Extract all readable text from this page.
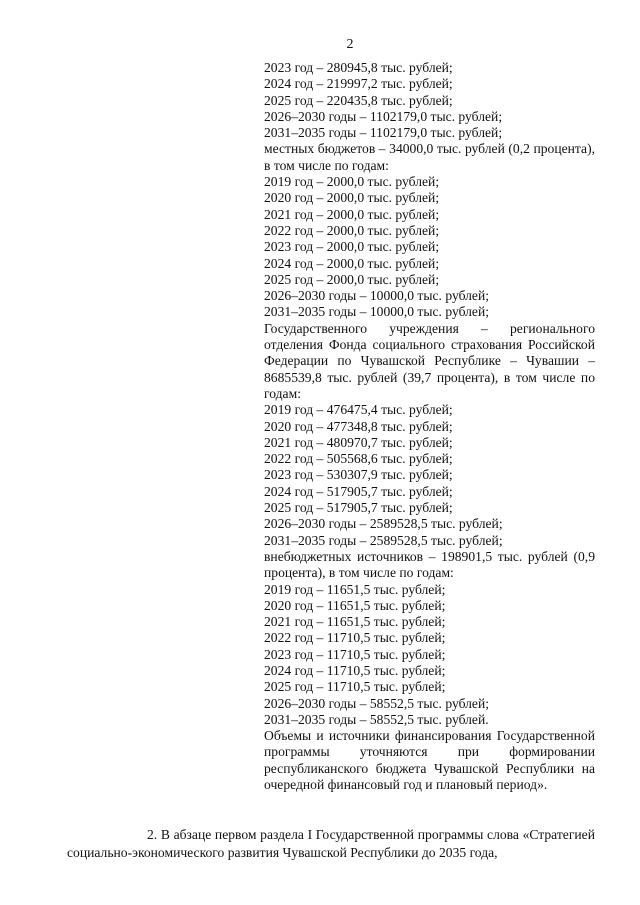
2
2023 год – 280945,8 тыс. рублей;
2024 год – 219997,2 тыс. рублей;
2025 год – 220435,8 тыс. рублей;
2026–2030 годы – 1102179,0 тыс. рублей;
2031–2035 годы – 1102179,0 тыс. рублей;
местных бюджетов – 34000,0 тыс. рублей (0,2 процента), в том числе по годам:
2019 год – 2000,0 тыс. рублей;
2020 год – 2000,0 тыс. рублей;
2021 год – 2000,0 тыс. рублей;
2022 год – 2000,0 тыс. рублей;
2023 год – 2000,0 тыс. рублей;
2024 год – 2000,0 тыс. рублей;
2025 год – 2000,0 тыс. рублей;
2026–2030 годы – 10000,0 тыс. рублей;
2031–2035 годы – 10000,0 тыс. рублей;
Государственного учреждения – регионального отделения Фонда социального страхования Российской Федерации по Чувашской Республике – Чувашии – 8685539,8 тыс. рублей (39,7 процента), в том числе по годам:
2019 год – 476475,4 тыс. рублей;
2020 год – 477348,8 тыс. рублей;
2021 год – 480970,7 тыс. рублей;
2022 год – 505568,6 тыс. рублей;
2023 год – 530307,9 тыс. рублей;
2024 год – 517905,7 тыс. рублей;
2025 год – 517905,7 тыс. рублей;
2026–2030 годы – 2589528,5 тыс. рублей;
2031–2035 годы – 2589528,5 тыс. рублей;
внебюджетных источников – 198901,5 тыс. рублей (0,9 процента), в том числе по годам:
2019 год – 11651,5 тыс. рублей;
2020 год – 11651,5 тыс. рублей;
2021 год – 11651,5 тыс. рублей;
2022 год – 11710,5 тыс. рублей;
2023 год – 11710,5 тыс. рублей;
2024 год – 11710,5 тыс. рублей;
2025 год – 11710,5 тыс. рублей;
2026–2030 годы – 58552,5 тыс. рублей;
2031–2035 годы – 58552,5 тыс. рублей.
Объемы и источники финансирования Государственной программы уточняются при формировании республиканского бюджета Чувашской Республики на очередной финансовый год и плановый период».
2. В абзаце первом раздела I Государственной программы слова «Стратегией социально-экономического развития Чувашской Республики до 2035 года,
